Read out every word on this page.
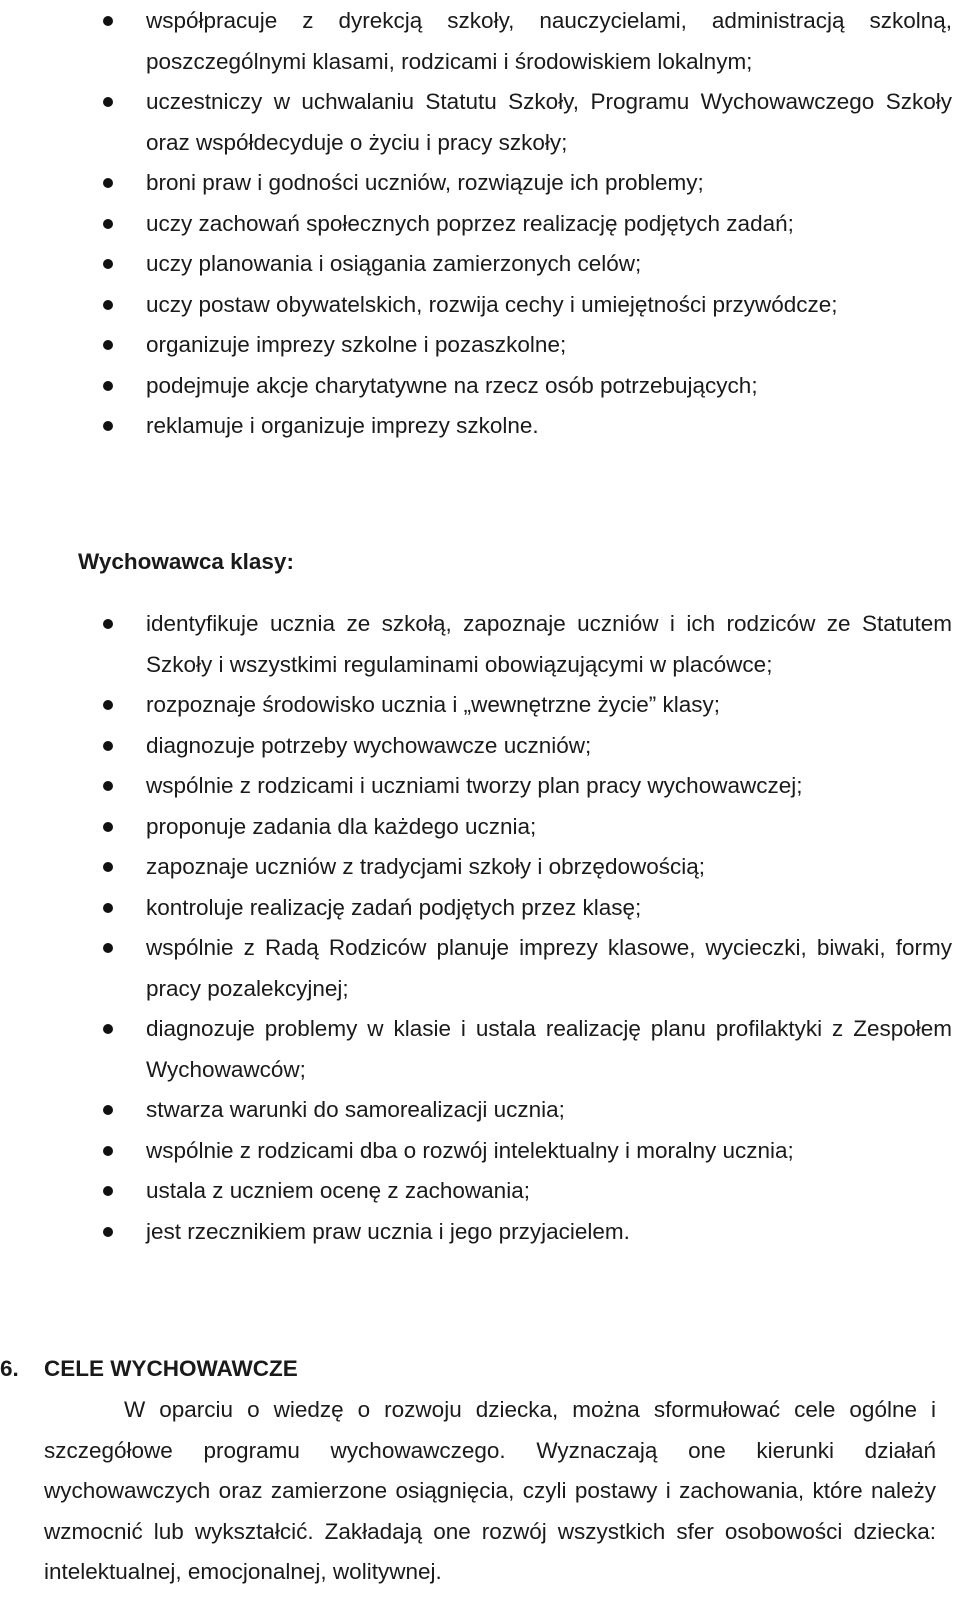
współpracuje z dyrekcją szkoły, nauczycielami, administracją szkolną, poszczególnymi klasami, rodzicami i środowiskiem lokalnym;
uczestniczy w uchwalaniu Statutu Szkoły, Programu Wychowawczego Szkoły oraz współdecyduje o życiu i pracy szkoły;
broni praw i godności uczniów, rozwiązuje ich problemy;
uczy zachowań społecznych poprzez realizację podjętych zadań;
uczy planowania i osiągania zamierzonych celów;
uczy postaw obywatelskich, rozwija cechy i umiejętności przywódcze;
organizuje imprezy szkolne i pozaszkolne;
podejmuje akcje charytatywne na rzecz osób potrzebujących;
reklamuje i organizuje imprezy szkolne.
Wychowawca klasy:
identyfikuje ucznia ze szkołą, zapoznaje uczniów i ich rodziców ze Statutem Szkoły i wszystkimi regulaminami obowiązującymi w placówce;
rozpoznaje środowisko ucznia i „wewnętrzne życie” klasy;
diagnozuje potrzeby wychowawcze uczniów;
wspólnie z rodzicami i uczniami tworzy plan pracy wychowawczej;
proponuje zadania dla każdego ucznia;
zapoznaje uczniów z tradycjami szkoły i obrzędowością;
kontroluje realizację zadań podjętych przez klasę;
wspólnie z Radą Rodziców planuje imprezy klasowe, wycieczki, biwaki, formy pracy pozalekcyjnej;
diagnozuje problemy w klasie i ustala realizację planu profilaktyki z Zespołem Wychowawców;
stwarza warunki do samorealizacji ucznia;
wspólnie z rodzicami dba o rozwój intelektualny i moralny ucznia;
ustala z uczniem ocenę z zachowania;
jest rzecznikiem praw ucznia i jego przyjacielem.
6. CELE WYCHOWAWCZE

W oparciu o wiedzę o rozwoju dziecka, można sformułować cele ogólne i szczegółowe programu wychowawczego. Wyznaczają one kierunki działań wychowawczych oraz zamierzone osiągnięcia, czyli postawy i zachowania, które należy wzmocnić lub wykształcić. Zakładają one rozwój wszystkich sfer osobowości dziecka: intelektualnej, emocjonalnej, wolitywnej.
